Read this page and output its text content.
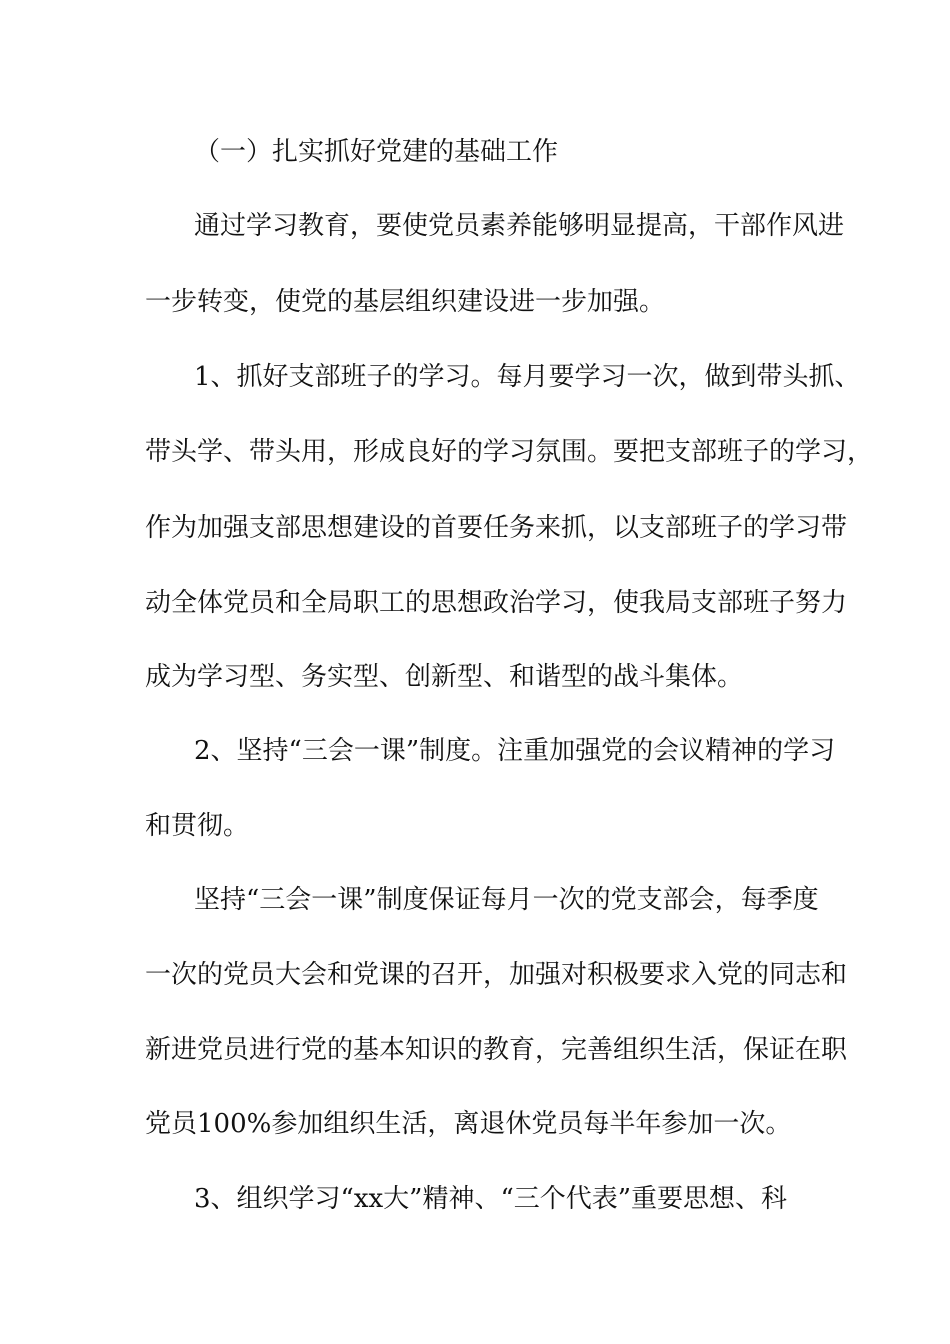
（一）扎实抓好党建的基础工作

通过学习教育，要使党员素养能够明显提高，干部作风进

一步转变，使党的基层组织建设进一步加强。

1、抓好支部班子的学习。每月要学习一次，做到带头抓、

带头学、带头用，形成良好的学习氛围。要把支部班子的学习，

作为加强支部思想建设的首要任务来抓，以支部班子的学习带

动全体党员和全局职工的思想政治学习，使我局支部班子努力

成为学习型、务实型、创新型、和谐型的战斗集体。

2、坚持“三会一课”制度。注重加强党的会议精神的学习

和贯彻。

坚持“三会一课”制度保证每月一次的党支部会，每季度

一次的党员大会和党课的召开，加强对积极要求入党的同志和

新进党员进行党的基本知识的教育，完善组织生活，保证在职

党员100%参加组织生活，离退休党员每半年参加一次。

3、组织学习“xx大”精神、“三个代表”重要思想、科
